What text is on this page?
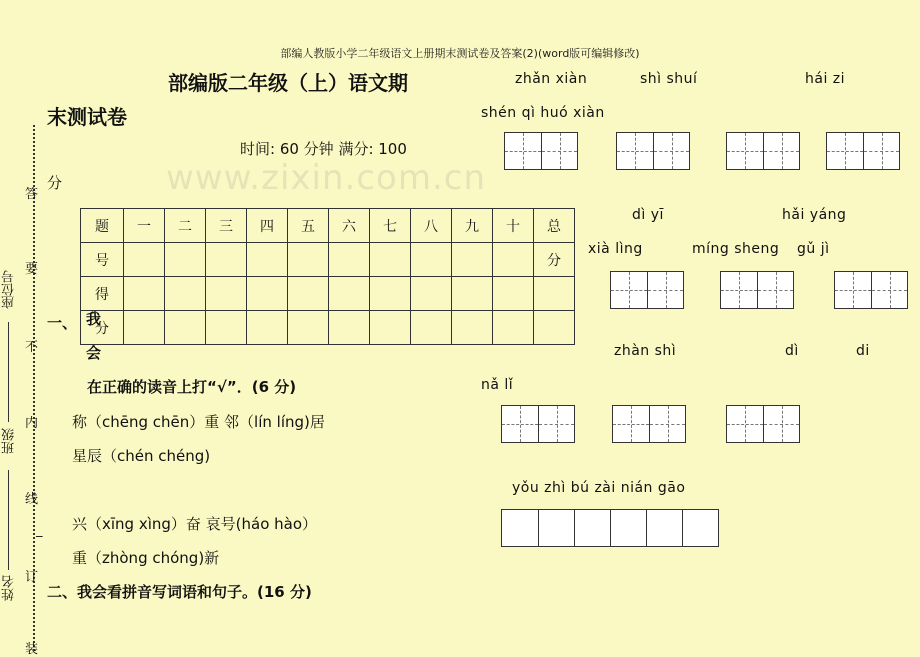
部编人教版小学二年级语文上册期末测试卷及答案(2)(word版可编辑修改)
www.zixin.com.cn
部编版二年级（上）语文期
末测试卷
时间: 60 分钟 满分: 100
分
题	一	二	三	四	五	六	七	八	九	十	总

号											分
得											
分											
一、 我
会
在正确的读音上打“√”．(6 分)
称（chēng chēn）重 邻（lín líng)居
星辰（chén chéng)
兴（xīng xìng）奋 哀号(háo hào）
重（zhòng chóng)新
二、我会看拼音写词语和句子。(16 分)
zhǎn xiàn	shì shuí	hái zi
shén qì huó xiàn
dì yī	hǎi yáng
xià lìng	míng sheng gǔ jì
zhàn shì	dì	di
nǎ lǐ
yǒu zhì bú zài nián gāo
答
要
不
内
线
订
装
_
座位号
班级
姓名
